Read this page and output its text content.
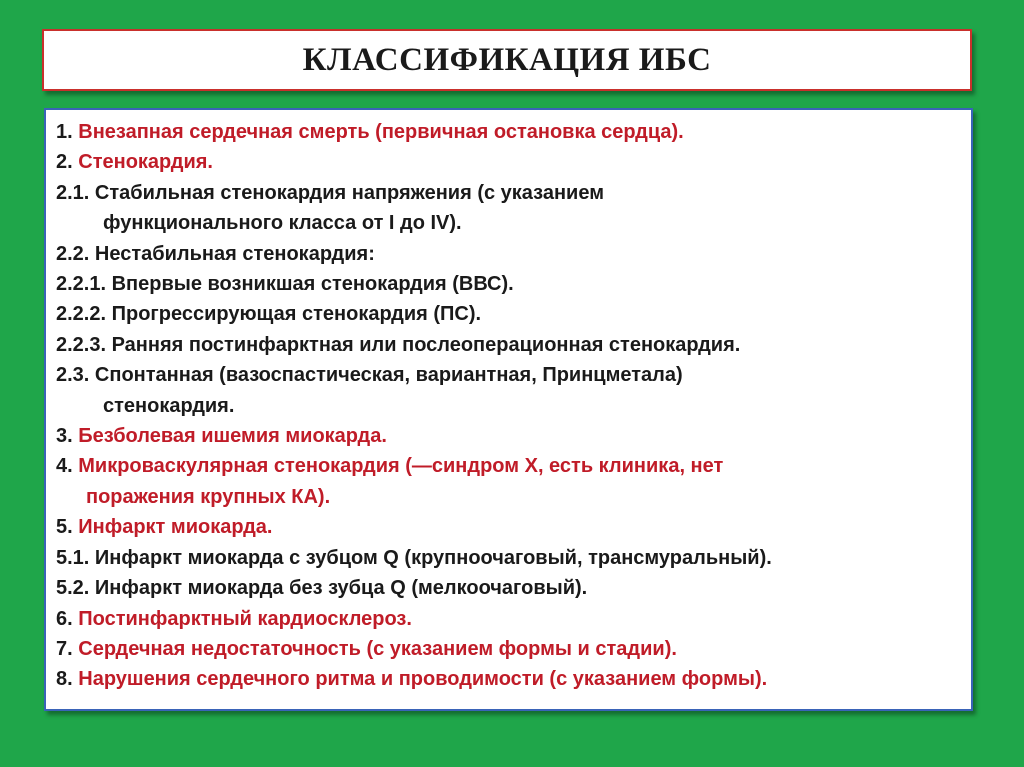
КЛАССИФИКАЦИЯ ИБС
1. Внезапная сердечная смерть (первичная остановка сердца).
2. Стенокардия.
2.1. Стабильная стенокардия напряжения (с указанием
функционального класса от I до IV).
2.2. Нестабильная стенокардия:
2.2.1. Впервые возникшая стенокардия (ВВС).
2.2.2. Прогрессирующая стенокардия (ПС).
2.2.3. Ранняя постинфарктная или послеоперационная стенокардия.
2.3. Спонтанная (вазоспастическая, вариантная, Принцметала)
стенокардия.
3. Безболевая ишемия миокарда.
4. Микроваскулярная стенокардия (—синдром Х, есть клиника, нет
поражения крупных КА).
5. Инфаркт миокарда.
5.1. Инфаркт миокарда с зубцом Q (крупноочаговый, трансмуральный).
5.2. Инфаркт миокарда без зубца Q (мелкоочаговый).
6. Постинфарктный кардиосклероз.
7. Сердечная недостаточность (с указанием формы и стадии).
8. Нарушения сердечного ритма и проводимости (с указанием формы).
